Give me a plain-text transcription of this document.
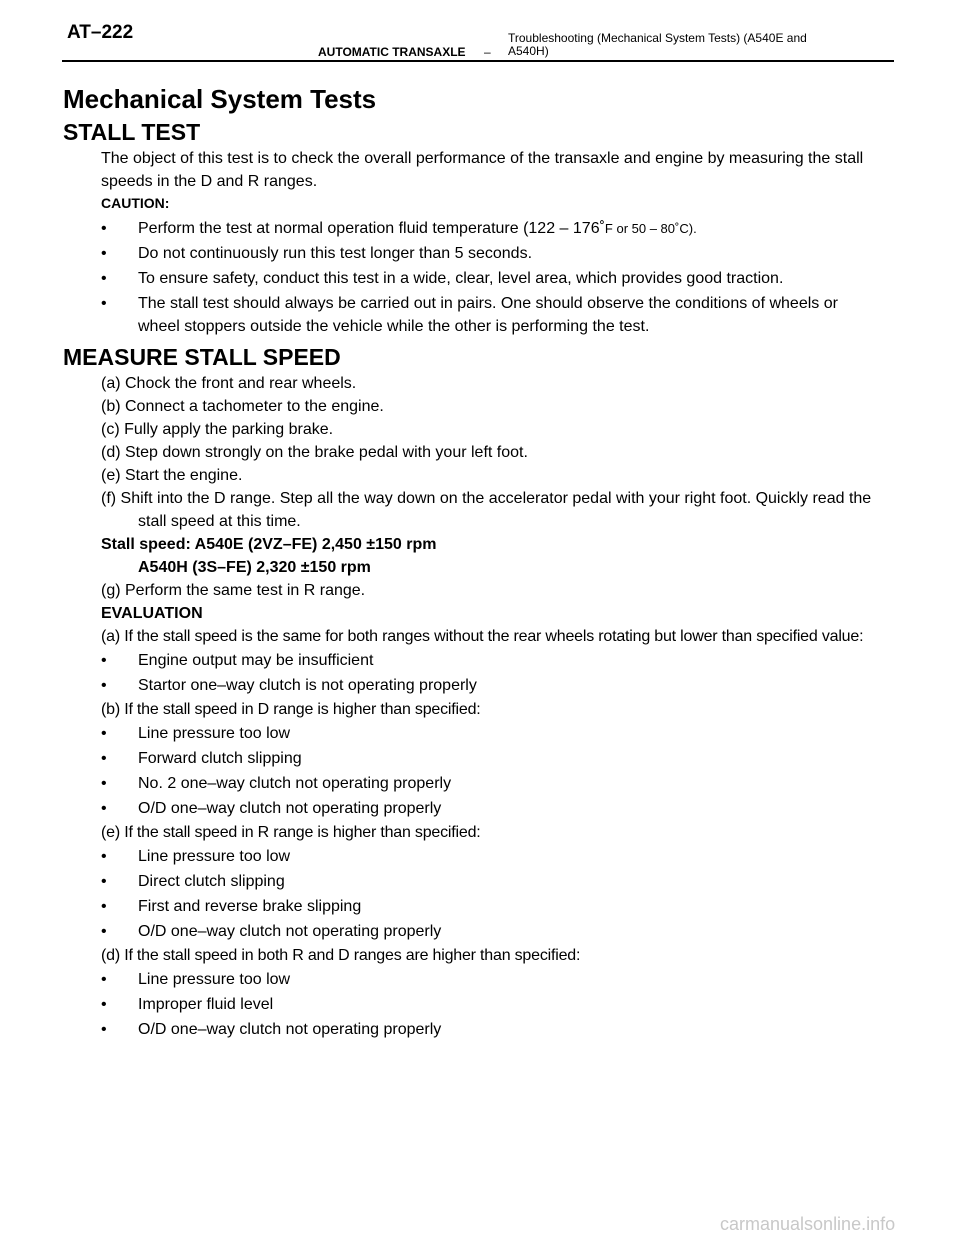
AT–222
AUTOMATIC TRANSAXLE –
Troubleshooting (Mechanical System Tests) (A540E and A540H)
Mechanical System Tests
STALL TEST
The object of this test is to check the overall performance of the transaxle and engine by measuring the stall speeds in the D and R ranges.
CAUTION:
• Perform the test at normal operation fluid temperature (122 – 176˚F or 50 – 80˚C).
• Do not continuously run this test longer than 5 seconds.
• To ensure safety, conduct this test in a wide, clear, level area, which provides good traction.
• The stall test should always be carried out in pairs. One should observe the conditions of wheels or wheel stoppers outside the vehicle while the other is performing the test.
MEASURE STALL SPEED
(a) Chock the front and rear wheels.
(b) Connect a tachometer to the engine.
(c) Fully apply the parking brake.
(d) Step down strongly on the brake pedal with your left foot.
(e) Start the engine.
(f) Shift into the D range. Step all the way down on the accelerator pedal with your right foot. Quickly read the stall speed at this time.
Stall speed: A540E (2VZ–FE) 2,450 ±150 rpm
A540H (3S–FE) 2,320 ±150 rpm
(g) Perform the same test in R range.
EVALUATION
(a) If the stall speed is the same for both ranges without the rear wheels rotating but lower than specified value:
• Engine output may be insufficient
• Startor one–way clutch is not operating properly
(b) If the stall speed in D range is higher than specified:
• Line pressure too low
• Forward clutch slipping
• No. 2 one–way clutch not operating properly
• O/D one–way clutch not operating properly
(e) If the stall speed in R range is higher than specified:
• Line pressure too low
• Direct clutch slipping
• First and reverse brake slipping
• O/D one–way clutch not operating properly
(d) If the stall speed in both R and D ranges are higher than specified:
• Line pressure too low
• Improper fluid level
• O/D one–way clutch not operating properly
carmanualsonline.info
